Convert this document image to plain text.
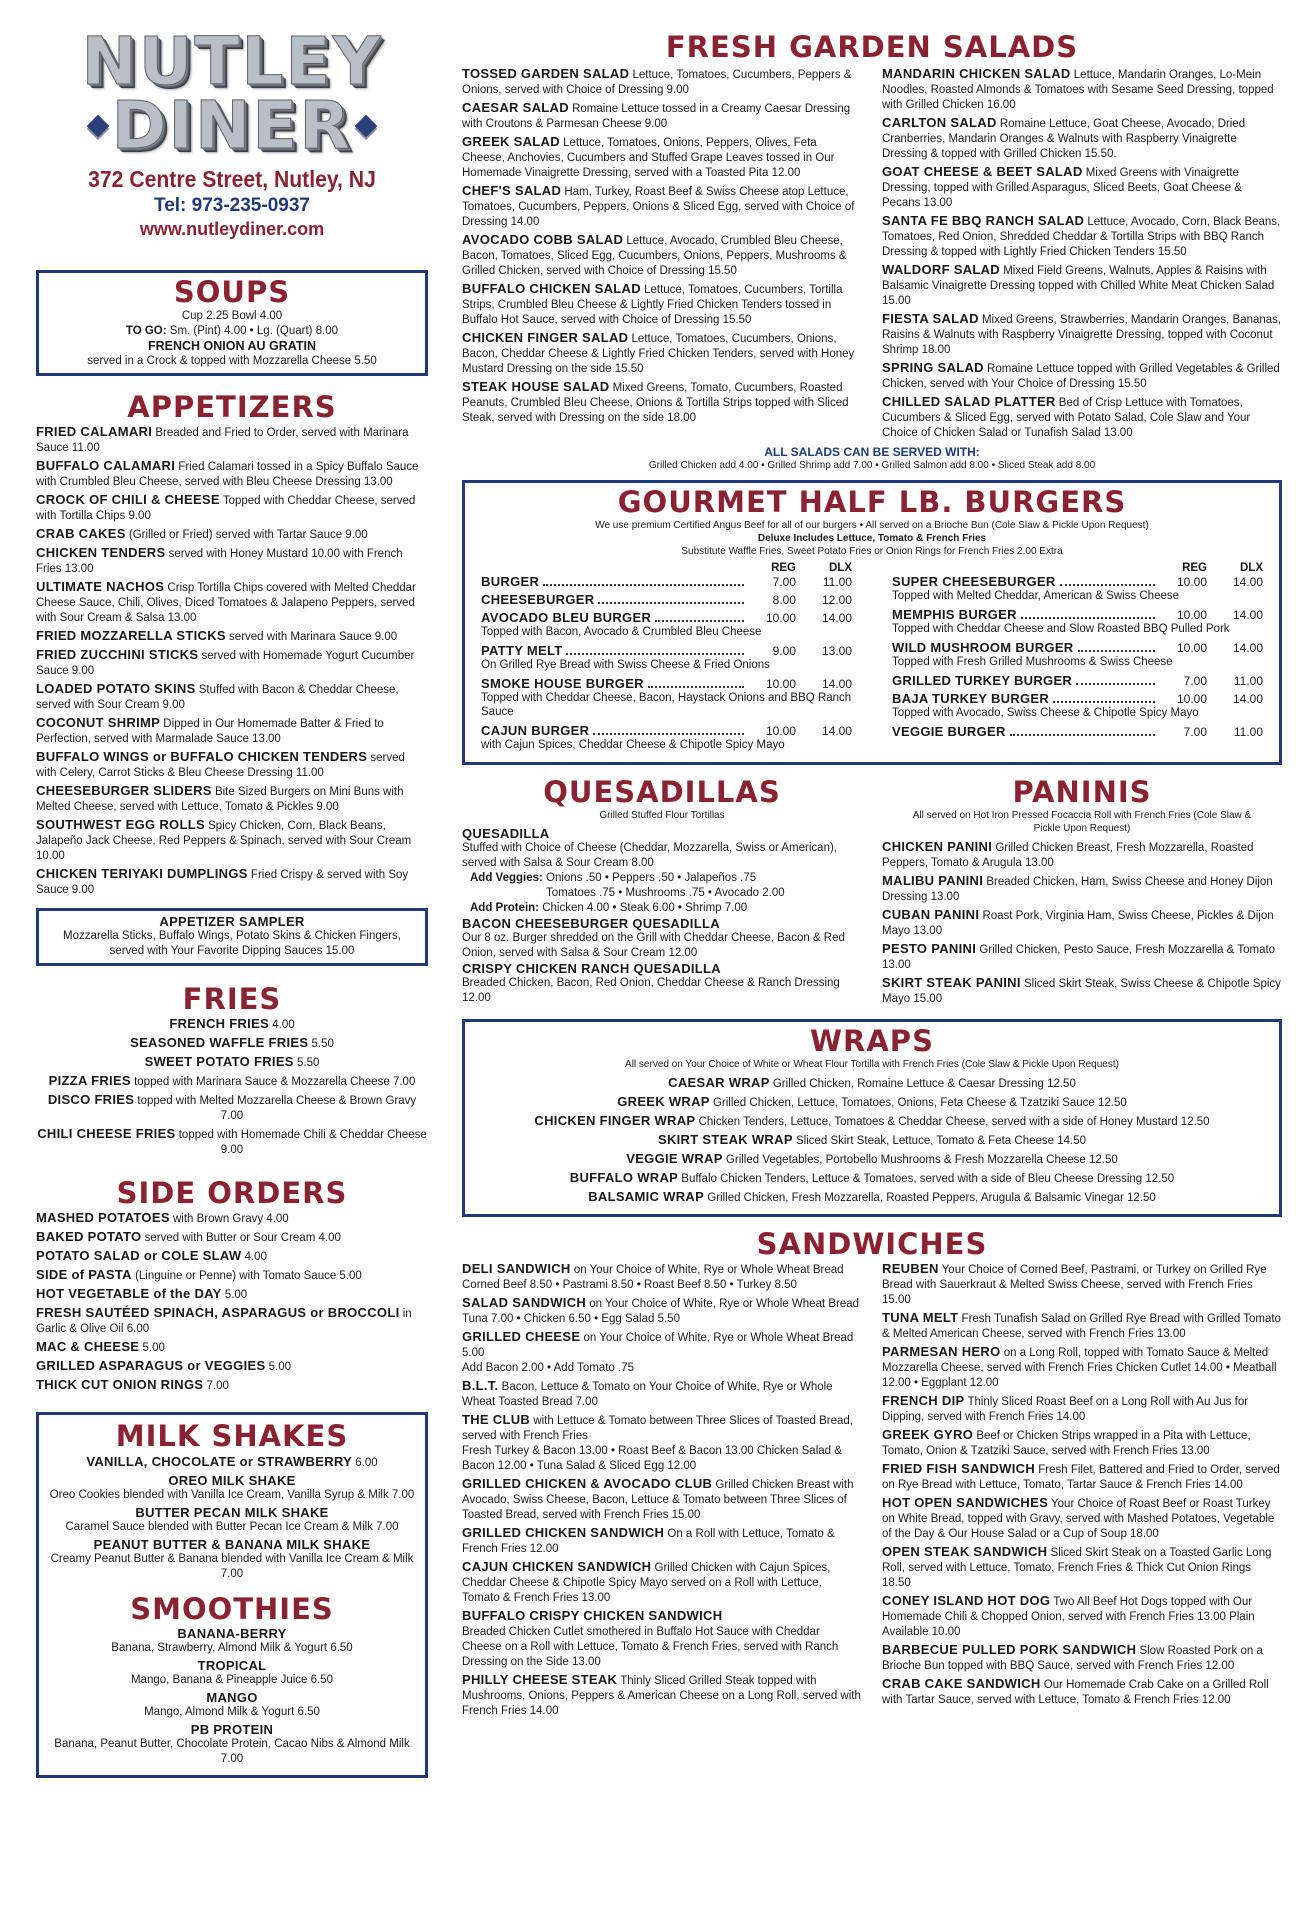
NUTLEY
DINER
372 Centre Street, Nutley, NJ
Tel: 973-235-0937
www.nutleydiner.com
SOUPS
Cup 2.25 Bowl 4.00
TO GO: Sm. (Pint) 4.00 • Lg. (Quart) 8.00
FRENCH ONION AU GRATIN
served in a Crock & topped with Mozzarella Cheese 5.50
APPETIZERS
FRIED CALAMARI Breaded and Fried to Order, served with Marinara Sauce 11.00
BUFFALO CALAMARI Fried Calamari tossed in a Spicy Buffalo Sauce with Crumbled Bleu Cheese, served with Bleu Cheese Dressing 13.00
CROCK OF CHILI & CHEESE Topped with Cheddar Cheese, served with Tortilla Chips 9.00
CRAB CAKES (Grilled or Fried) served with Tartar Sauce 9.00
CHICKEN TENDERS served with Honey Mustard 10.00 with French Fries 13.00
ULTIMATE NACHOS Crisp Tortilla Chips covered with Melted Cheddar Cheese Sauce, Chili, Olives, Diced Tomatoes & Jalapeno Peppers, served with Sour Cream & Salsa 13.00
FRIED MOZZARELLA STICKS served with Marinara Sauce 9.00
FRIED ZUCCHINI STICKS served with Homemade Yogurt Cucumber Sauce 9.00
LOADED POTATO SKINS Stuffed with Bacon & Cheddar Cheese, served with Sour Cream 9.00
COCONUT SHRIMP Dipped in Our Homemade Batter & Fried to Perfection, served with Marmalade Sauce 13.00
BUFFALO WINGS or BUFFALO CHICKEN TENDERS served with Celery, Carrot Sticks & Bleu Cheese Dressing 11.00
CHEESEBURGER SLIDERS Bite Sized Burgers on Mini Buns with Melted Cheese, served with Lettuce, Tomato & Pickles 9.00
SOUTHWEST EGG ROLLS Spicy Chicken, Corn, Black Beans, Jalapeño Jack Cheese, Red Peppers & Spinach, served with Sour Cream 10.00
CHICKEN TERIYAKI DUMPLINGS Fried Crispy & served with Soy Sauce 9.00
APPETIZER SAMPLER
Mozzarella Sticks, Buffalo Wings, Potato Skins & Chicken Fingers, served with Your Favorite Dipping Sauces 15.00
FRIES
FRENCH FRIES 4.00
SEASONED WAFFLE FRIES 5.50
SWEET POTATO FRIES 5.50
PIZZA FRIES topped with Marinara Sauce & Mozzarella Cheese 7.00
DISCO FRIES topped with Melted Mozzarella Cheese & Brown Gravy 7.00
CHILI CHEESE FRIES topped with Homemade Chili & Cheddar Cheese 9.00
SIDE ORDERS
MASHED POTATOES with Brown Gravy 4.00
BAKED POTATO served with Butter or Sour Cream 4.00
POTATO SALAD or COLE SLAW 4.00
SIDE of PASTA (Linguine or Penne) with Tomato Sauce 5.00
HOT VEGETABLE of the DAY 5.00
FRESH SAUTÉED SPINACH, ASPARAGUS or BROCCOLI in Garlic & Olive Oil 6.00
MAC & CHEESE 5.00
GRILLED ASPARAGUS or VEGGIES 5.00
THICK CUT ONION RINGS 7.00
MILK SHAKES
VANILLA, CHOCOLATE or STRAWBERRY 6.00
OREO MILK SHAKE
Oreo Cookies blended with Vanilla Ice Cream, Vanilla Syrup & Milk 7.00
BUTTER PECAN MILK SHAKE
Caramel Sauce blended with Butter Pecan Ice Cream & Milk 7.00
PEANUT BUTTER & BANANA MILK SHAKE
Creamy Peanut Butter & Banana blended with Vanilla Ice Cream & Milk 7.00
SMOOTHIES
BANANA-BERRY
Banana, Strawberry, Almond Milk & Yogurt 6.50
TROPICAL
Mango, Banana & Pineapple Juice 6.50
MANGO
Mango, Almond Milk & Yogurt 6.50
PB PROTEIN
Banana, Peanut Butter, Chocolate Protein, Cacao Nibs & Almond Milk 7.00
FRESH GARDEN SALADS
TOSSED GARDEN SALAD Lettuce, Tomatoes, Cucumbers, Peppers & Onions, served with Choice of Dressing 9.00
CAESAR SALAD Romaine Lettuce tossed in a Creamy Caesar Dressing with Croutons & Parmesan Cheese 9.00
GREEK SALAD Lettuce, Tomatoes, Onions, Peppers, Olives, Feta Cheese, Anchovies, Cucumbers and Stuffed Grape Leaves tossed in Our Homemade Vinaigrette Dressing, served with a Toasted Pita 12.00
CHEF'S SALAD Ham, Turkey, Roast Beef & Swiss Cheese atop Lettuce, Tomatoes, Cucumbers, Peppers, Onions & Sliced Egg, served with Choice of Dressing 14.00
AVOCADO COBB SALAD Lettuce, Avocado, Crumbled Bleu Cheese, Bacon, Tomatoes, Sliced Egg, Cucumbers, Onions, Peppers, Mushrooms & Grilled Chicken, served with Choice of Dressing 15.50
BUFFALO CHICKEN SALAD Lettuce, Tomatoes, Cucumbers, Tortilla Strips, Crumbled Bleu Cheese & Lightly Fried Chicken Tenders tossed in Buffalo Hot Sauce, served with Choice of Dressing 15.50
CHICKEN FINGER SALAD Lettuce, Tomatoes, Cucumbers, Onions, Bacon, Cheddar Cheese & Lightly Fried Chicken Tenders, served with Honey Mustard Dressing on the side 15.50
STEAK HOUSE SALAD Mixed Greens, Tomato, Cucumbers, Roasted Peanuts, Crumbled Bleu Cheese, Onions & Tortilla Strips topped with Sliced Steak, served with Dressing on the side 18.00
MANDARIN CHICKEN SALAD Lettuce, Mandarin Oranges, Lo-Mein Noodles, Roasted Almonds & Tomatoes with Sesame Seed Dressing, topped with Grilled Chicken 16.00
CARLTON SALAD Romaine Lettuce, Goat Cheese, Avocado, Dried Cranberries, Mandarin Oranges & Walnuts with Raspberry Vinaigrette Dressing & topped with Grilled Chicken 15.50.
GOAT CHEESE & BEET SALAD Mixed Greens with Vinaigrette Dressing, topped with Grilled Asparagus, Sliced Beets, Goat Cheese & Pecans 13.00
SANTA FE BBQ RANCH SALAD Lettuce, Avocado, Corn, Black Beans, Tomatoes, Red Onion, Shredded Cheddar & Tortilla Strips with BBQ Ranch Dressing & topped with Lightly Fried Chicken Tenders 15.50
WALDORF SALAD Mixed Field Greens, Walnuts, Apples & Raisins with Balsamic Vinaigrette Dressing topped with Chilled White Meat Chicken Salad 15.00
FIESTA SALAD Mixed Greens, Strawberries, Mandarin Oranges, Bananas, Raisins & Walnuts with Raspberry Vinaigrette Dressing, topped with Coconut Shrimp 18.00
SPRING SALAD Romaine Lettuce topped with Grilled Vegetables & Grilled Chicken, served with Your Choice of Dressing 15.50
CHILLED SALAD PLATTER Bed of Crisp Lettuce with Tomatoes, Cucumbers & Sliced Egg, served with Potato Salad, Cole Slaw and Your Choice of Chicken Salad or Tunafish Salad 13.00
ALL SALADS CAN BE SERVED WITH:
Grilled Chicken add 4.00 • Grilled Shrimp add 7.00 • Grilled Salmon add 8.00 • Sliced Steak add 8.00
GOURMET HALF LB. BURGERS
We use premium Certified Angus Beef for all of our burgers • All served on a Brioche Bun (Cole Slaw & Pickle Upon Request)
Deluxe Includes Lettuce, Tomato & French Fries
Substitute Waffle Fries, Sweet Potato Fries or Onion Rings for French Fries 2.00 Extra
REG	DLX
BURGER	7.00	11.00
CHEESEBURGER	8.00	12.00
AVOCADO BLEU BURGER	10.00	14.00
Topped with Bacon, Avocado & Crumbled Bleu Cheese
PATTY MELT	9.00	13.00
On Grilled Rye Bread with Swiss Cheese & Fried Onions
SMOKE HOUSE BURGER	10.00	14.00
Topped with Cheddar Cheese, Bacon, Haystack Onions and BBQ Ranch Sauce
CAJUN BURGER	10.00	14.00
with Cajun Spices, Cheddar Cheese & Chipotle Spicy Mayo
REG	DLX
SUPER CHEESEBURGER	10.00	14.00
Topped with Melted Cheddar, American & Swiss Cheese
MEMPHIS BURGER	10.00	14.00
Topped with Cheddar Cheese and Slow Roasted BBQ Pulled Pork
WILD MUSHROOM BURGER	10.00	14.00
Topped with Fresh Grilled Mushrooms & Swiss Cheese
GRILLED TURKEY BURGER	7.00	11.00
BAJA TURKEY BURGER	10.00	14.00
Topped with Avocado, Swiss Cheese & Chipotle Spicy Mayo
VEGGIE BURGER	7.00	11.00
QUESADILLAS
Grilled Stuffed Flour Tortillas
QUESADILLA
Stuffed with Choice of Cheese (Cheddar, Mozzarella, Swiss or American), served with Salsa & Sour Cream 8.00
Add Veggies: Onions .50 • Peppers .50 • Jalapeños .75
Tomatoes .75 • Mushrooms .75 • Avocado 2.00
Add Protein: Chicken 4.00 • Steak 6.00 • Shrimp 7.00
BACON CHEESEBURGER QUESADILLA
Our 8 oz. Burger shredded on the Grill with Cheddar Cheese, Bacon & Red Onion, served with Salsa & Sour Cream 12.00
CRISPY CHICKEN RANCH QUESADILLA
Breaded Chicken, Bacon, Red Onion, Cheddar Cheese & Ranch Dressing 12.00
PANINIS
All served on Hot Iron Pressed Focaccia Roll with French Fries (Cole Slaw & Pickle Upon Request)
CHICKEN PANINI Grilled Chicken Breast, Fresh Mozzarella, Roasted Peppers, Tomato & Arugula 13.00
MALIBU PANINI Breaded Chicken, Ham, Swiss Cheese and Honey Dijon Dressing 13.00
CUBAN PANINI Roast Pork, Virginia Ham, Swiss Cheese, Pickles & Dijon Mayo 13.00
PESTO PANINI Grilled Chicken, Pesto Sauce, Fresh Mozzarella & Tomato 13.00
SKIRT STEAK PANINI Sliced Skirt Steak, Swiss Cheese & Chipotle Spicy Mayo 15.00
WRAPS
All served on Your Choice of White or Wheat Flour Tortilla with French Fries (Cole Slaw & Pickle Upon Request)
CAESAR WRAP Grilled Chicken, Romaine Lettuce & Caesar Dressing 12.50
GREEK WRAP Grilled Chicken, Lettuce, Tomatoes, Onions, Feta Cheese & Tzatziki Sauce 12.50
CHICKEN FINGER WRAP Chicken Tenders, Lettuce, Tomatoes & Cheddar Cheese, served with a side of Honey Mustard 12.50
SKIRT STEAK WRAP Sliced Skirt Steak, Lettuce, Tomato & Feta Cheese 14.50
VEGGIE WRAP Grilled Vegetables, Portobello Mushrooms & Fresh Mozzarella Cheese 12.50
BUFFALO WRAP Buffalo Chicken Tenders, Lettuce & Tomatoes, served with a side of Bleu Cheese Dressing 12.50
BALSAMIC WRAP Grilled Chicken, Fresh Mozzarella, Roasted Peppers, Arugula & Balsamic Vinegar 12.50
SANDWICHES
DELI SANDWICH on Your Choice of White, Rye or Whole Wheat Bread
Corned Beef 8.50 • Pastrami 8.50 • Roast Beef 8.50 • Turkey 8.50
SALAD SANDWICH on Your Choice of White, Rye or Whole Wheat Bread
Tuna 7.00 • Chicken 6.50 • Egg Salad 5.50
GRILLED CHEESE on Your Choice of White, Rye or Whole Wheat Bread 5.00
Add Bacon 2.00 • Add Tomato .75
B.L.T. Bacon, Lettuce & Tomato on Your Choice of White, Rye or Whole Wheat Toasted Bread 7.00
THE CLUB with Lettuce & Tomato between Three Slices of Toasted Bread, served with French Fries
Fresh Turkey & Bacon 13.00 • Roast Beef & Bacon 13.00 Chicken Salad & Bacon 12.00 • Tuna Salad & Sliced Egg 12.00
GRILLED CHICKEN & AVOCADO CLUB Grilled Chicken Breast with Avocado, Swiss Cheese, Bacon, Lettuce & Tomato between Three Slices of Toasted Bread, served with French Fries 15.00
GRILLED CHICKEN SANDWICH On a Roll with Lettuce, Tomato & French Fries 12.00
CAJUN CHICKEN SANDWICH Grilled Chicken with Cajun Spices, Cheddar Cheese & Chipotle Spicy Mayo served on a Roll with Lettuce, Tomato & French Fries 13.00
BUFFALO CRISPY CHICKEN SANDWICH
Breaded Chicken Cutlet smothered in Buffalo Hot Sauce with Cheddar Cheese on a Roll with Lettuce, Tomato & French Fries, served with Ranch Dressing on the Side 13.00
PHILLY CHEESE STEAK Thinly Sliced Grilled Steak topped with Mushrooms, Onions, Peppers & American Cheese on a Long Roll, served with French Fries 14.00
REUBEN Your Choice of Corned Beef, Pastrami, or Turkey on Grilled Rye Bread with Sauerkraut & Melted Swiss Cheese, served with French Fries 15.00
TUNA MELT Fresh Tunafish Salad on Grilled Rye Bread with Grilled Tomato & Melted American Cheese, served with French Fries 13.00
PARMESAN HERO on a Long Roll, topped with Tomato Sauce & Melted Mozzarella Cheese, served with French Fries Chicken Cutlet 14.00 • Meatball 12.00 • Eggplant 12.00
FRENCH DIP Thinly Sliced Roast Beef on a Long Roll with Au Jus for Dipping, served with French Fries 14.00
GREEK GYRO Beef or Chicken Strips wrapped in a Pita with Lettuce, Tomato, Onion & Tzatziki Sauce, served with French Fries 13.00
FRIED FISH SANDWICH Fresh Filet, Battered and Fried to Order, served on Rye Bread with Lettuce, Tomato, Tartar Sauce & French Fries 14.00
HOT OPEN SANDWICHES Your Choice of Roast Beef or Roast Turkey on White Bread, topped with Gravy, served with Mashed Potatoes, Vegetable of the Day & Our House Salad or a Cup of Soup 18.00
OPEN STEAK SANDWICH Sliced Skirt Steak on a Toasted Garlic Long Roll, served with Lettuce, Tomato, French Fries & Thick Cut Onion Rings 18.50
CONEY ISLAND HOT DOG Two All Beef Hot Dogs topped with Our Homemade Chili & Chopped Onion, served with French Fries 13.00 Plain Available 10.00
BARBECUE PULLED PORK SANDWICH Slow Roasted Pork on a Brioche Bun topped with BBQ Sauce, served with French Fries 12.00
CRAB CAKE SANDWICH Our Homemade Crab Cake on a Grilled Roll with Tartar Sauce, served with Lettuce, Tomato & French Fries 12.00
